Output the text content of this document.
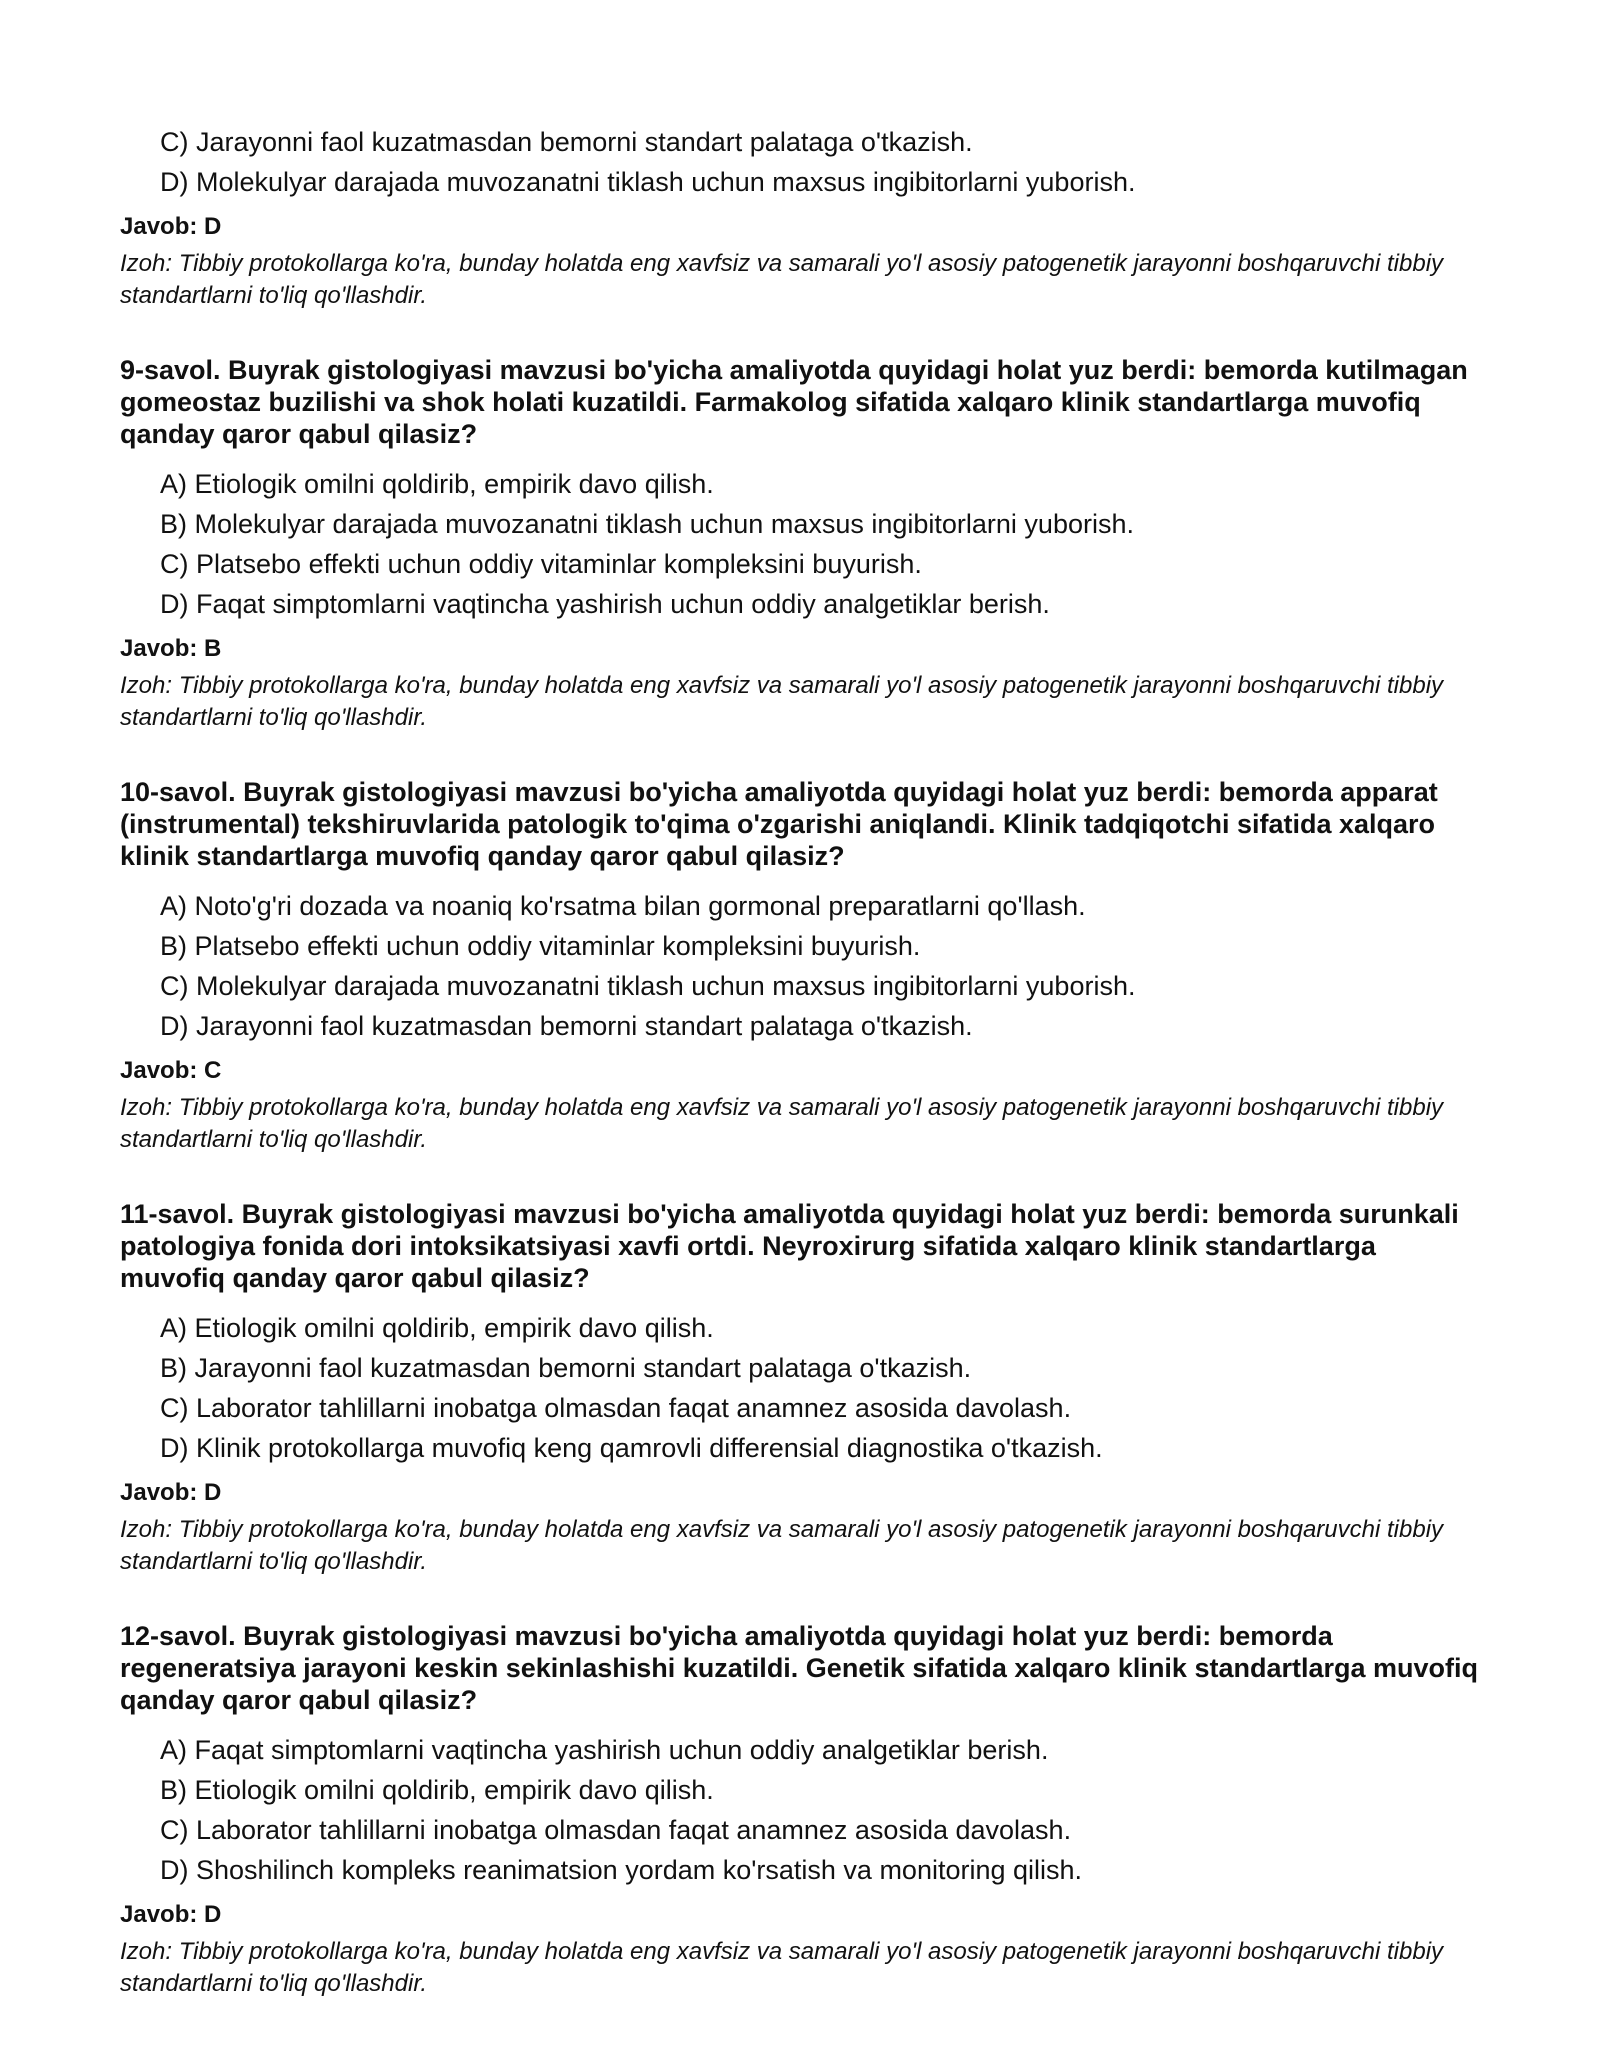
C) Jarayonni faol kuzatmasdan bemorni standart palataga o'tkazish.
D) Molekulyar darajada muvozanatni tiklash uchun maxsus ingibitorlarni yuborish.
Javob: D
Izoh: Tibbiy protokollarga ko'ra, bunday holatda eng xavfsiz va samarali yo'l asosiy patogenetik jarayonni boshqaruvchi tibbiy standartlarni to'liq qo'llashdir.
9-savol. Buyrak gistologiyasi mavzusi bo'yicha amaliyotda quyidagi holat yuz berdi: bemorda kutilmagan gomeostaz buzilishi va shok holati kuzatildi. Farmakolog sifatida xalqaro klinik standartlarga muvofiq qanday qaror qabul qilasiz?
A) Etiologik omilni qoldirib, empirik davo qilish.
B) Molekulyar darajada muvozanatni tiklash uchun maxsus ingibitorlarni yuborish.
C) Platsebo effekti uchun oddiy vitaminlar kompleksini buyurish.
D) Faqat simptomlarni vaqtincha yashirish uchun oddiy analgetiklar berish.
Javob: B
Izoh: Tibbiy protokollarga ko'ra, bunday holatda eng xavfsiz va samarali yo'l asosiy patogenetik jarayonni boshqaruvchi tibbiy standartlarni to'liq qo'llashdir.
10-savol. Buyrak gistologiyasi mavzusi bo'yicha amaliyotda quyidagi holat yuz berdi: bemorda apparat (instrumental) tekshiruvlarida patologik to'qima o'zgarishi aniqlandi. Klinik tadqiqotchi sifatida xalqaro klinik standartlarga muvofiq qanday qaror qabul qilasiz?
A) Noto'g'ri dozada va noaniq ko'rsatma bilan gormonal preparatlarni qo'llash.
B) Platsebo effekti uchun oddiy vitaminlar kompleksini buyurish.
C) Molekulyar darajada muvozanatni tiklash uchun maxsus ingibitorlarni yuborish.
D) Jarayonni faol kuzatmasdan bemorni standart palataga o'tkazish.
Javob: C
Izoh: Tibbiy protokollarga ko'ra, bunday holatda eng xavfsiz va samarali yo'l asosiy patogenetik jarayonni boshqaruvchi tibbiy standartlarni to'liq qo'llashdir.
11-savol. Buyrak gistologiyasi mavzusi bo'yicha amaliyotda quyidagi holat yuz berdi: bemorda surunkali patologiya fonida dori intoksikatsiyasi xavfi ortdi. Neyroxirurg sifatida xalqaro klinik standartlarga muvofiq qanday qaror qabul qilasiz?
A) Etiologik omilni qoldirib, empirik davo qilish.
B) Jarayonni faol kuzatmasdan bemorni standart palataga o'tkazish.
C) Laborator tahlillarni inobatga olmasdan faqat anamnez asosida davolash.
D) Klinik protokollarga muvofiq keng qamrovli differensial diagnostika o'tkazish.
Javob: D
Izoh: Tibbiy protokollarga ko'ra, bunday holatda eng xavfsiz va samarali yo'l asosiy patogenetik jarayonni boshqaruvchi tibbiy standartlarni to'liq qo'llashdir.
12-savol. Buyrak gistologiyasi mavzusi bo'yicha amaliyotda quyidagi holat yuz berdi: bemorda regeneratsiya jarayoni keskin sekinlashishi kuzatildi. Genetik sifatida xalqaro klinik standartlarga muvofiq qanday qaror qabul qilasiz?
A) Faqat simptomlarni vaqtincha yashirish uchun oddiy analgetiklar berish.
B) Etiologik omilni qoldirib, empirik davo qilish.
C) Laborator tahlillarni inobatga olmasdan faqat anamnez asosida davolash.
D) Shoshilinch kompleks reanimatsion yordam ko'rsatish va monitoring qilish.
Javob: D
Izoh: Tibbiy protokollarga ko'ra, bunday holatda eng xavfsiz va samarali yo'l asosiy patogenetik jarayonni boshqaruvchi tibbiy standartlarni to'liq qo'llashdir.
